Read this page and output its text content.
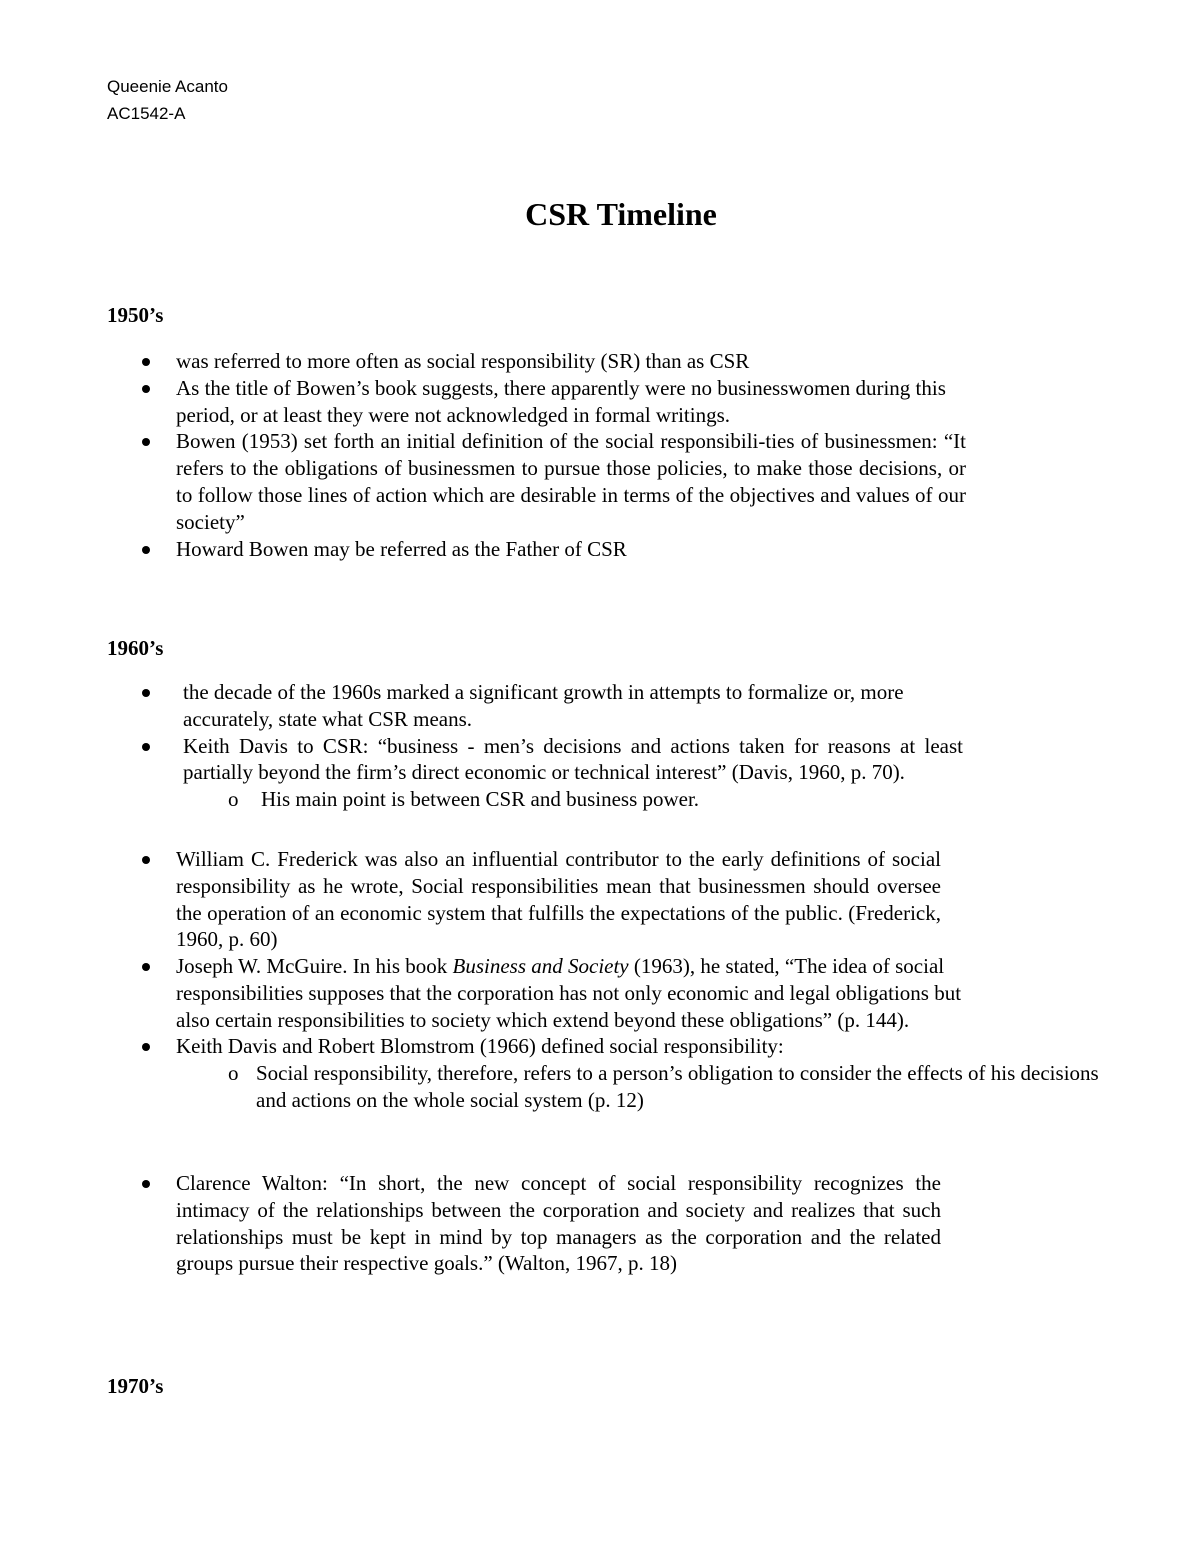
Queenie Acanto
AC1542-A
CSR Timeline
1950’s
was referred to more often as social responsibility (SR) than as CSR
As the title of Bowen’s book suggests, there apparently were no businesswomen during this period, or at least they were not acknowledged in formal writings.
Bowen (1953) set forth an initial definition of the social responsibili-ties of businessmen: “It refers to the obligations of businessmen to pursue those policies, to make those decisions, or to follow those lines of action which are desirable in terms of the objectives and values of our society”
Howard Bowen may be referred as the Father of CSR
1960’s
the decade of the 1960s marked a significant growth in attempts to formalize or, more accurately, state what CSR means.
Keith Davis to CSR: “business - men’s decisions and actions taken for reasons at least partially beyond the firm’s direct economic or technical interest” (Davis, 1960, p. 70).
o His main point is between CSR and business power.
William C. Frederick was also an influential contributor to the early definitions of social responsibility as he wrote, Social responsibilities mean that businessmen should oversee the operation of an economic system that fulfills the expectations of the public. (Frederick, 1960, p. 60)
Joseph W. McGuire. In his book Business and Society (1963), he stated, “The idea of social responsibilities supposes that the corporation has not only economic and legal obligations but also certain responsibilities to society which extend beyond these obligations” (p. 144).
Keith Davis and Robert Blomstrom (1966) defined social responsibility:
o Social responsibility, therefore, refers to a person’s obligation to consider the effects of his decisions and actions on the whole social system (p. 12)
Clarence Walton: “In short, the new concept of social responsibility recognizes the intimacy of the relationships between the corporation and society and realizes that such relationships must be kept in mind by top managers as the corporation and the related groups pursue their respective goals.” (Walton, 1967, p. 18)
1970’s
